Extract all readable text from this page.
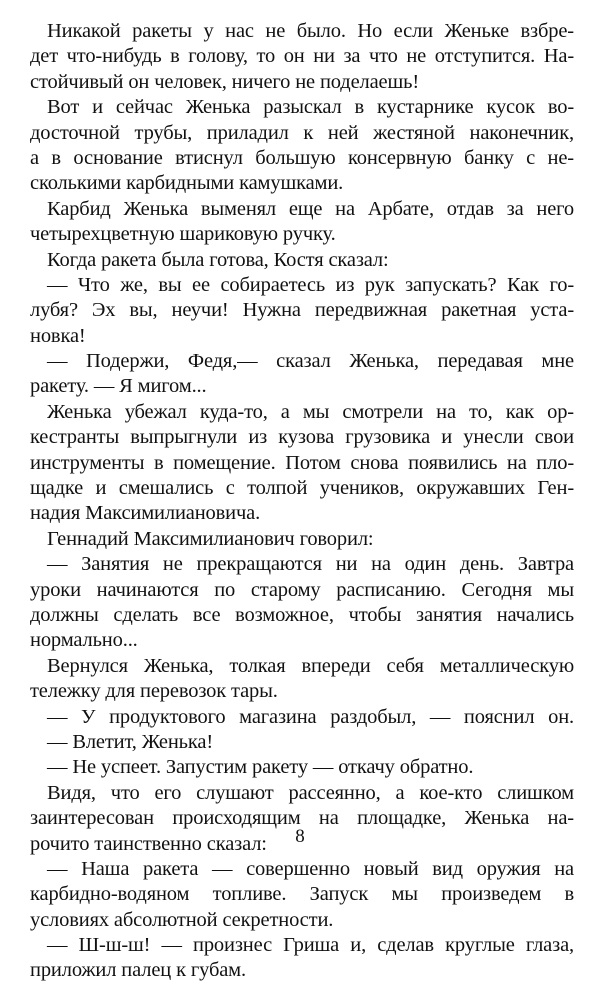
Никакой ракеты у нас не было. Но если Женьке взбре-
дет что-нибудь в голову, то он ни за что не отступится. На-
стойчивый он человек, ничего не поделаешь!
Вот и сейчас Женька разыскал в кустарнике кусок во-
досточной трубы, приладил к ней жестяной наконечник,
а в основание втиснул большую консервную банку с не-
сколькими карбидными камушками.
Карбид Женька выменял еще на Арбате, отдав за него
четырехцветную шариковую ручку.
Когда ракета была готова, Костя сказал:
— Что же, вы ее собираетесь из рук запускать? Как го-
лубя? Эх вы, неучи! Нужна передвижная ракетная уста-
новка!
— Подержи, Федя,— сказал Женька, передавая мне
ракету. — Я мигом...
Женька убежал куда-то, а мы смотрели на то, как ор-
кестранты выпрыгнули из кузова грузовика и унесли свои
инструменты в помещение. Потом снова появились на пло-
щадке и смешались с толпой учеников, окружавших Ген-
надия Максимилиановича.
Геннадий Максимилианович говорил:
— Занятия не прекращаются ни на один день. Завтра
уроки начинаются по старому расписанию. Сегодня мы
должны сделать все возможное, чтобы занятия начались
нормально...
Вернулся Женька, толкая впереди себя металлическую
тележку для перевозок тары.
— У продуктового магазина раздобыл, — пояснил он.
— Влетит, Женька!
— Не успеет. Запустим ракету — откачу обратно.
Видя, что его слушают рассеянно, а кое-кто слишком
заинтересован происходящим на площадке, Женька на-
рочито таинственно сказал:
— Наша ракета — совершенно новый вид оружия на
карбидно-водяном топливе. Запуск мы произведем в
условиях абсолютной секретности.
— Ш-ш-ш! — произнес Гриша и, сделав круглые глаза,
приложил палец к губам.
8
